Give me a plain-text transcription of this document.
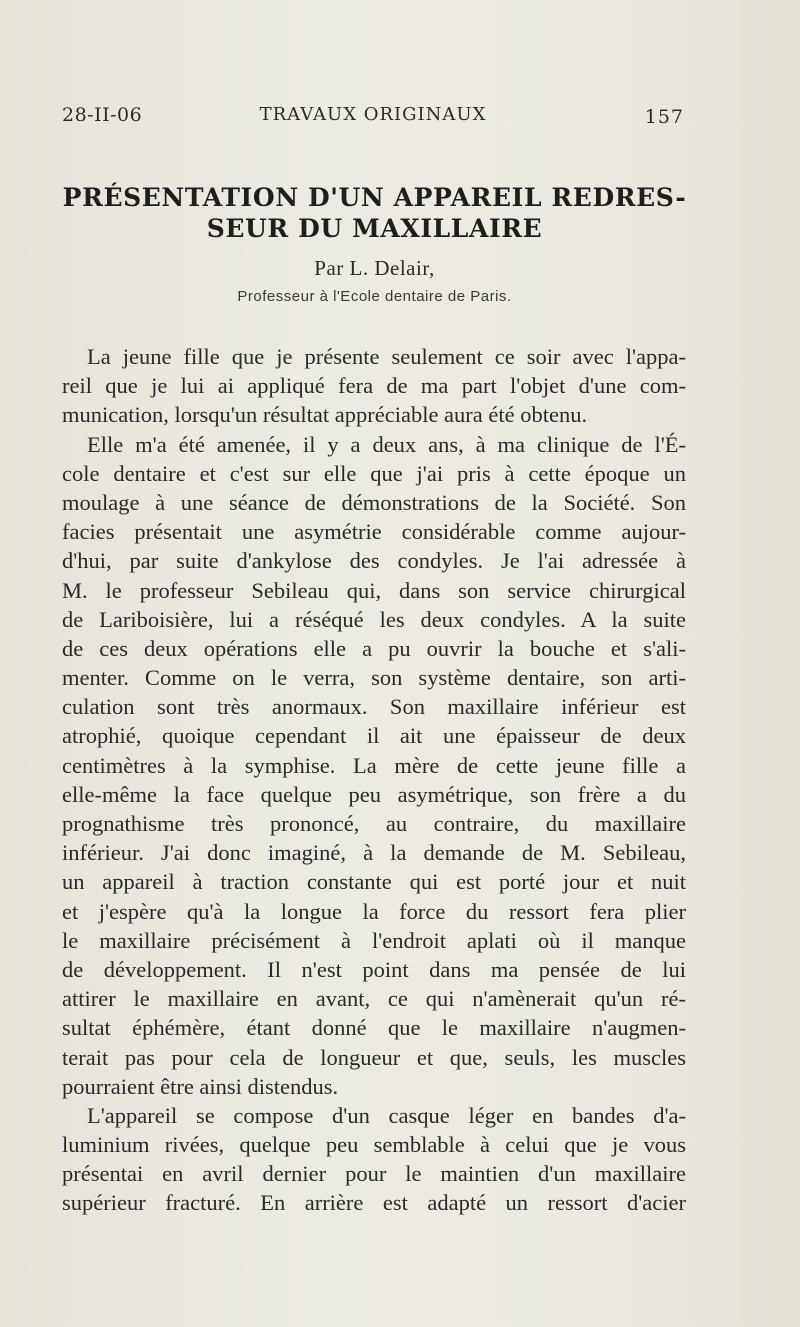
28-II-06	TRAVAUX ORIGINAUX	157
PRÉSENTATION D'UN APPAREIL REDRES-
SEUR DU MAXILLAIRE
Par L. Delair,
Professeur à l'Ecole dentaire de Paris.
La jeune fille que je présente seulement ce soir avec l'appa-
reil que je lui ai appliqué fera de ma part l'objet d'une com-
munication, lorsqu'un résultat appréciable aura été obtenu.
Elle m'a été amenée, il y a deux ans, à ma clinique de l'É-
cole dentaire et c'est sur elle que j'ai pris à cette époque un
moulage à une séance de démonstrations de la Société. Son
facies présentait une asymétrie considérable comme aujour-
d'hui, par suite d'ankylose des condyles. Je l'ai adressée à
M. le professeur Sebileau qui, dans son service chirurgical
de Lariboisière, lui a réséqué les deux condyles. A la suite
de ces deux opérations elle a pu ouvrir la bouche et s'ali-
menter. Comme on le verra, son système dentaire, son arti-
culation sont très anormaux. Son maxillaire inférieur est
atrophié, quoique cependant il ait une épaisseur de deux
centimètres à la symphise. La mère de cette jeune fille a
elle-même la face quelque peu asymétrique, son frère a du
prognathisme très prononcé, au contraire, du maxillaire
inférieur. J'ai donc imaginé, à la demande de M. Sebileau,
un appareil à traction constante qui est porté jour et nuit
et j'espère qu'à la longue la force du ressort fera plier
le maxillaire précisément à l'endroit aplati où il manque
de développement. Il n'est point dans ma pensée de lui
attirer le maxillaire en avant, ce qui n'amènerait qu'un ré-
sultat éphémère, étant donné que le maxillaire n'augmen-
terait pas pour cela de longueur et que, seuls, les muscles
pourraient être ainsi distendus.
L'appareil se compose d'un casque léger en bandes d'a-
luminium rivées, quelque peu semblable à celui que je vous
présentai en avril dernier pour le maintien d'un maxillaire
supérieur fracturé. En arrière est adapté un ressort d'acier
